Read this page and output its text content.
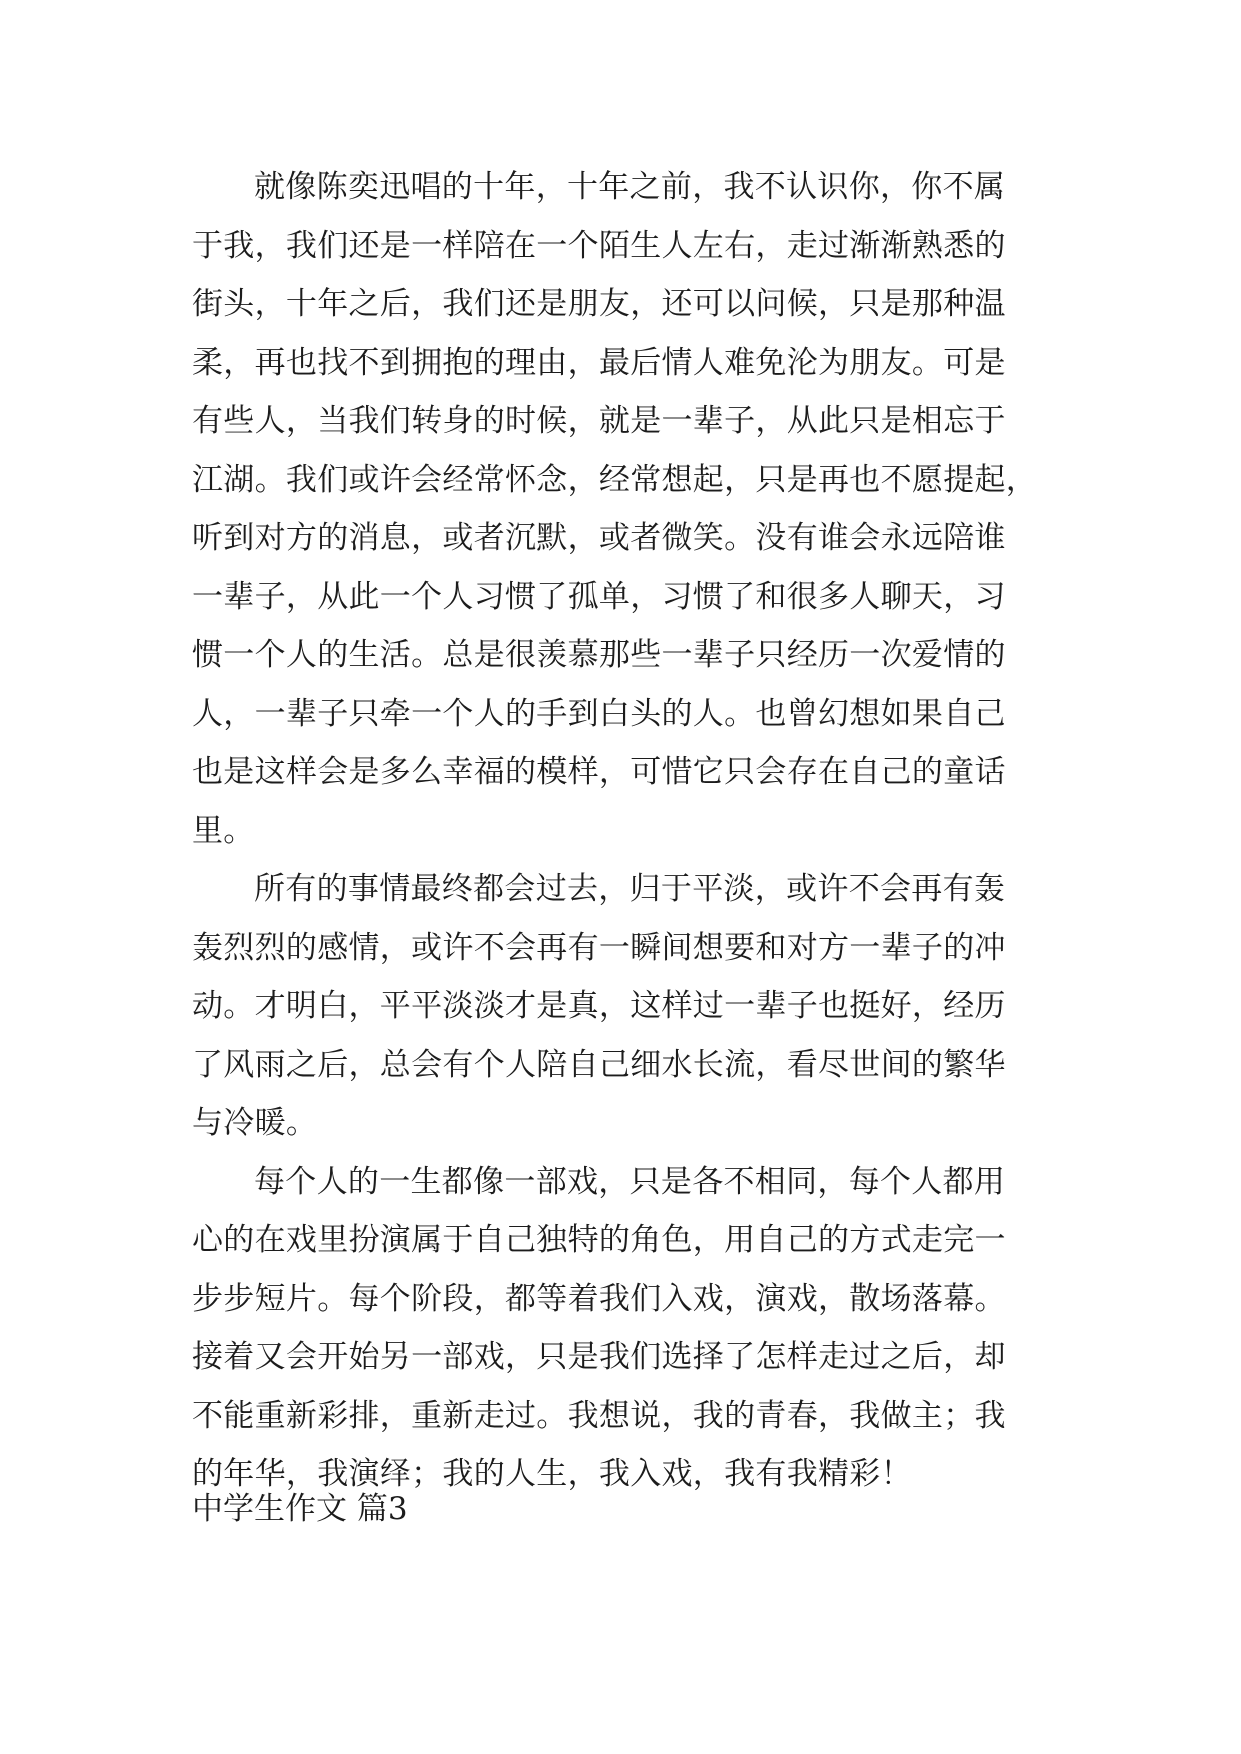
就像陈奕迅唱的十年，十年之前，我不认识你，你不属
于我，我们还是一样陪在一个陌生人左右，走过渐渐熟悉的
街头，十年之后，我们还是朋友，还可以问候，只是那种温
柔，再也找不到拥抱的理由，最后情人难免沦为朋友。可是
有些人，当我们转身的时候，就是一辈子，从此只是相忘于
江湖。我们或许会经常怀念，经常想起，只是再也不愿提起，
听到对方的消息，或者沉默，或者微笑。没有谁会永远陪谁
一辈子，从此一个人习惯了孤单，习惯了和很多人聊天，习
惯一个人的生活。总是很羡慕那些一辈子只经历一次爱情的
人，一辈子只牵一个人的手到白头的人。也曾幻想如果自己
也是这样会是多么幸福的模样，可惜它只会存在自己的童话
里。
所有的事情最终都会过去，归于平淡，或许不会再有轰
轰烈烈的感情，或许不会再有一瞬间想要和对方一辈子的冲
动。才明白，平平淡淡才是真，这样过一辈子也挺好，经历
了风雨之后，总会有个人陪自己细水长流，看尽世间的繁华
与冷暖。
每个人的一生都像一部戏，只是各不相同，每个人都用
心的在戏里扮演属于自己独特的角色，用自己的方式走完一
步步短片。每个阶段，都等着我们入戏，演戏，散场落幕。
接着又会开始另一部戏，只是我们选择了怎样走过之后，却
不能重新彩排，重新走过。我想说，我的青春，我做主；我
的年华，我演绎；我的人生，我入戏，我有我精彩！
中学生作文 篇3
